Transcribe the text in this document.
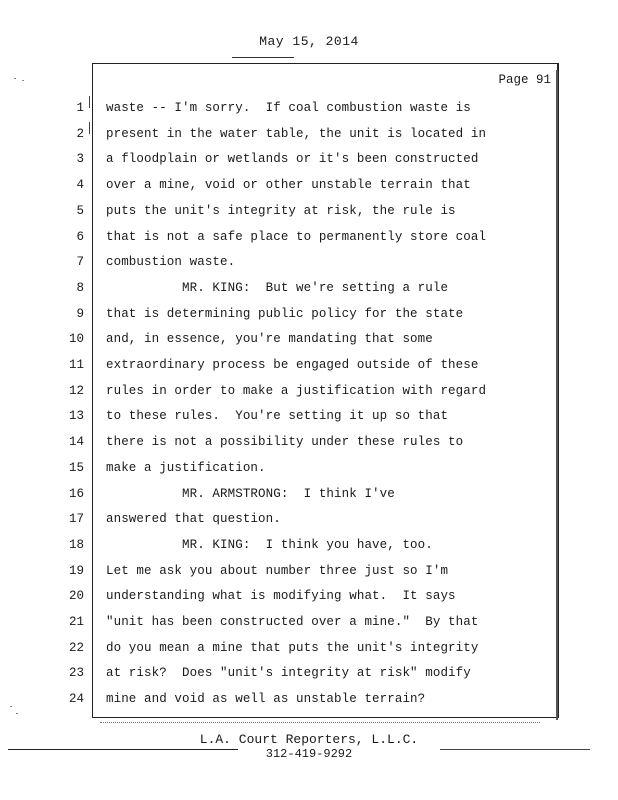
May 15, 2014
Page 91
1 waste -- I'm sorry.  If coal combustion waste is
2 present in the water table, the unit is located in
3 a floodplain or wetlands or it's been constructed
4 over a mine, void or other unstable terrain that
5 puts the unit's integrity at risk, the rule is
6 that is not a safe place to permanently store coal
7 combustion waste.
8 MR. KING:  But we're setting a rule
9 that is determining public policy for the state
10 and, in essence, you're mandating that some
11 extraordinary process be engaged outside of these
12 rules in order to make a justification with regard
13 to these rules.  You're setting it up so that
14 there is not a possibility under these rules to
15 make a justification.
16 MR. ARMSTRONG:  I think I've
17 answered that question.
18 MR. KING:  I think you have, too.
19 Let me ask you about number three just so I'm
20 understanding what is modifying what.  It says
21 "unit has been constructed over a mine."  By that
22 do you mean a mine that puts the unit's integrity
23 at risk?  Does "unit's integrity at risk" modify
24 mine and void as well as unstable terrain?
L.A. Court Reporters, L.L.C.
312-419-9292
